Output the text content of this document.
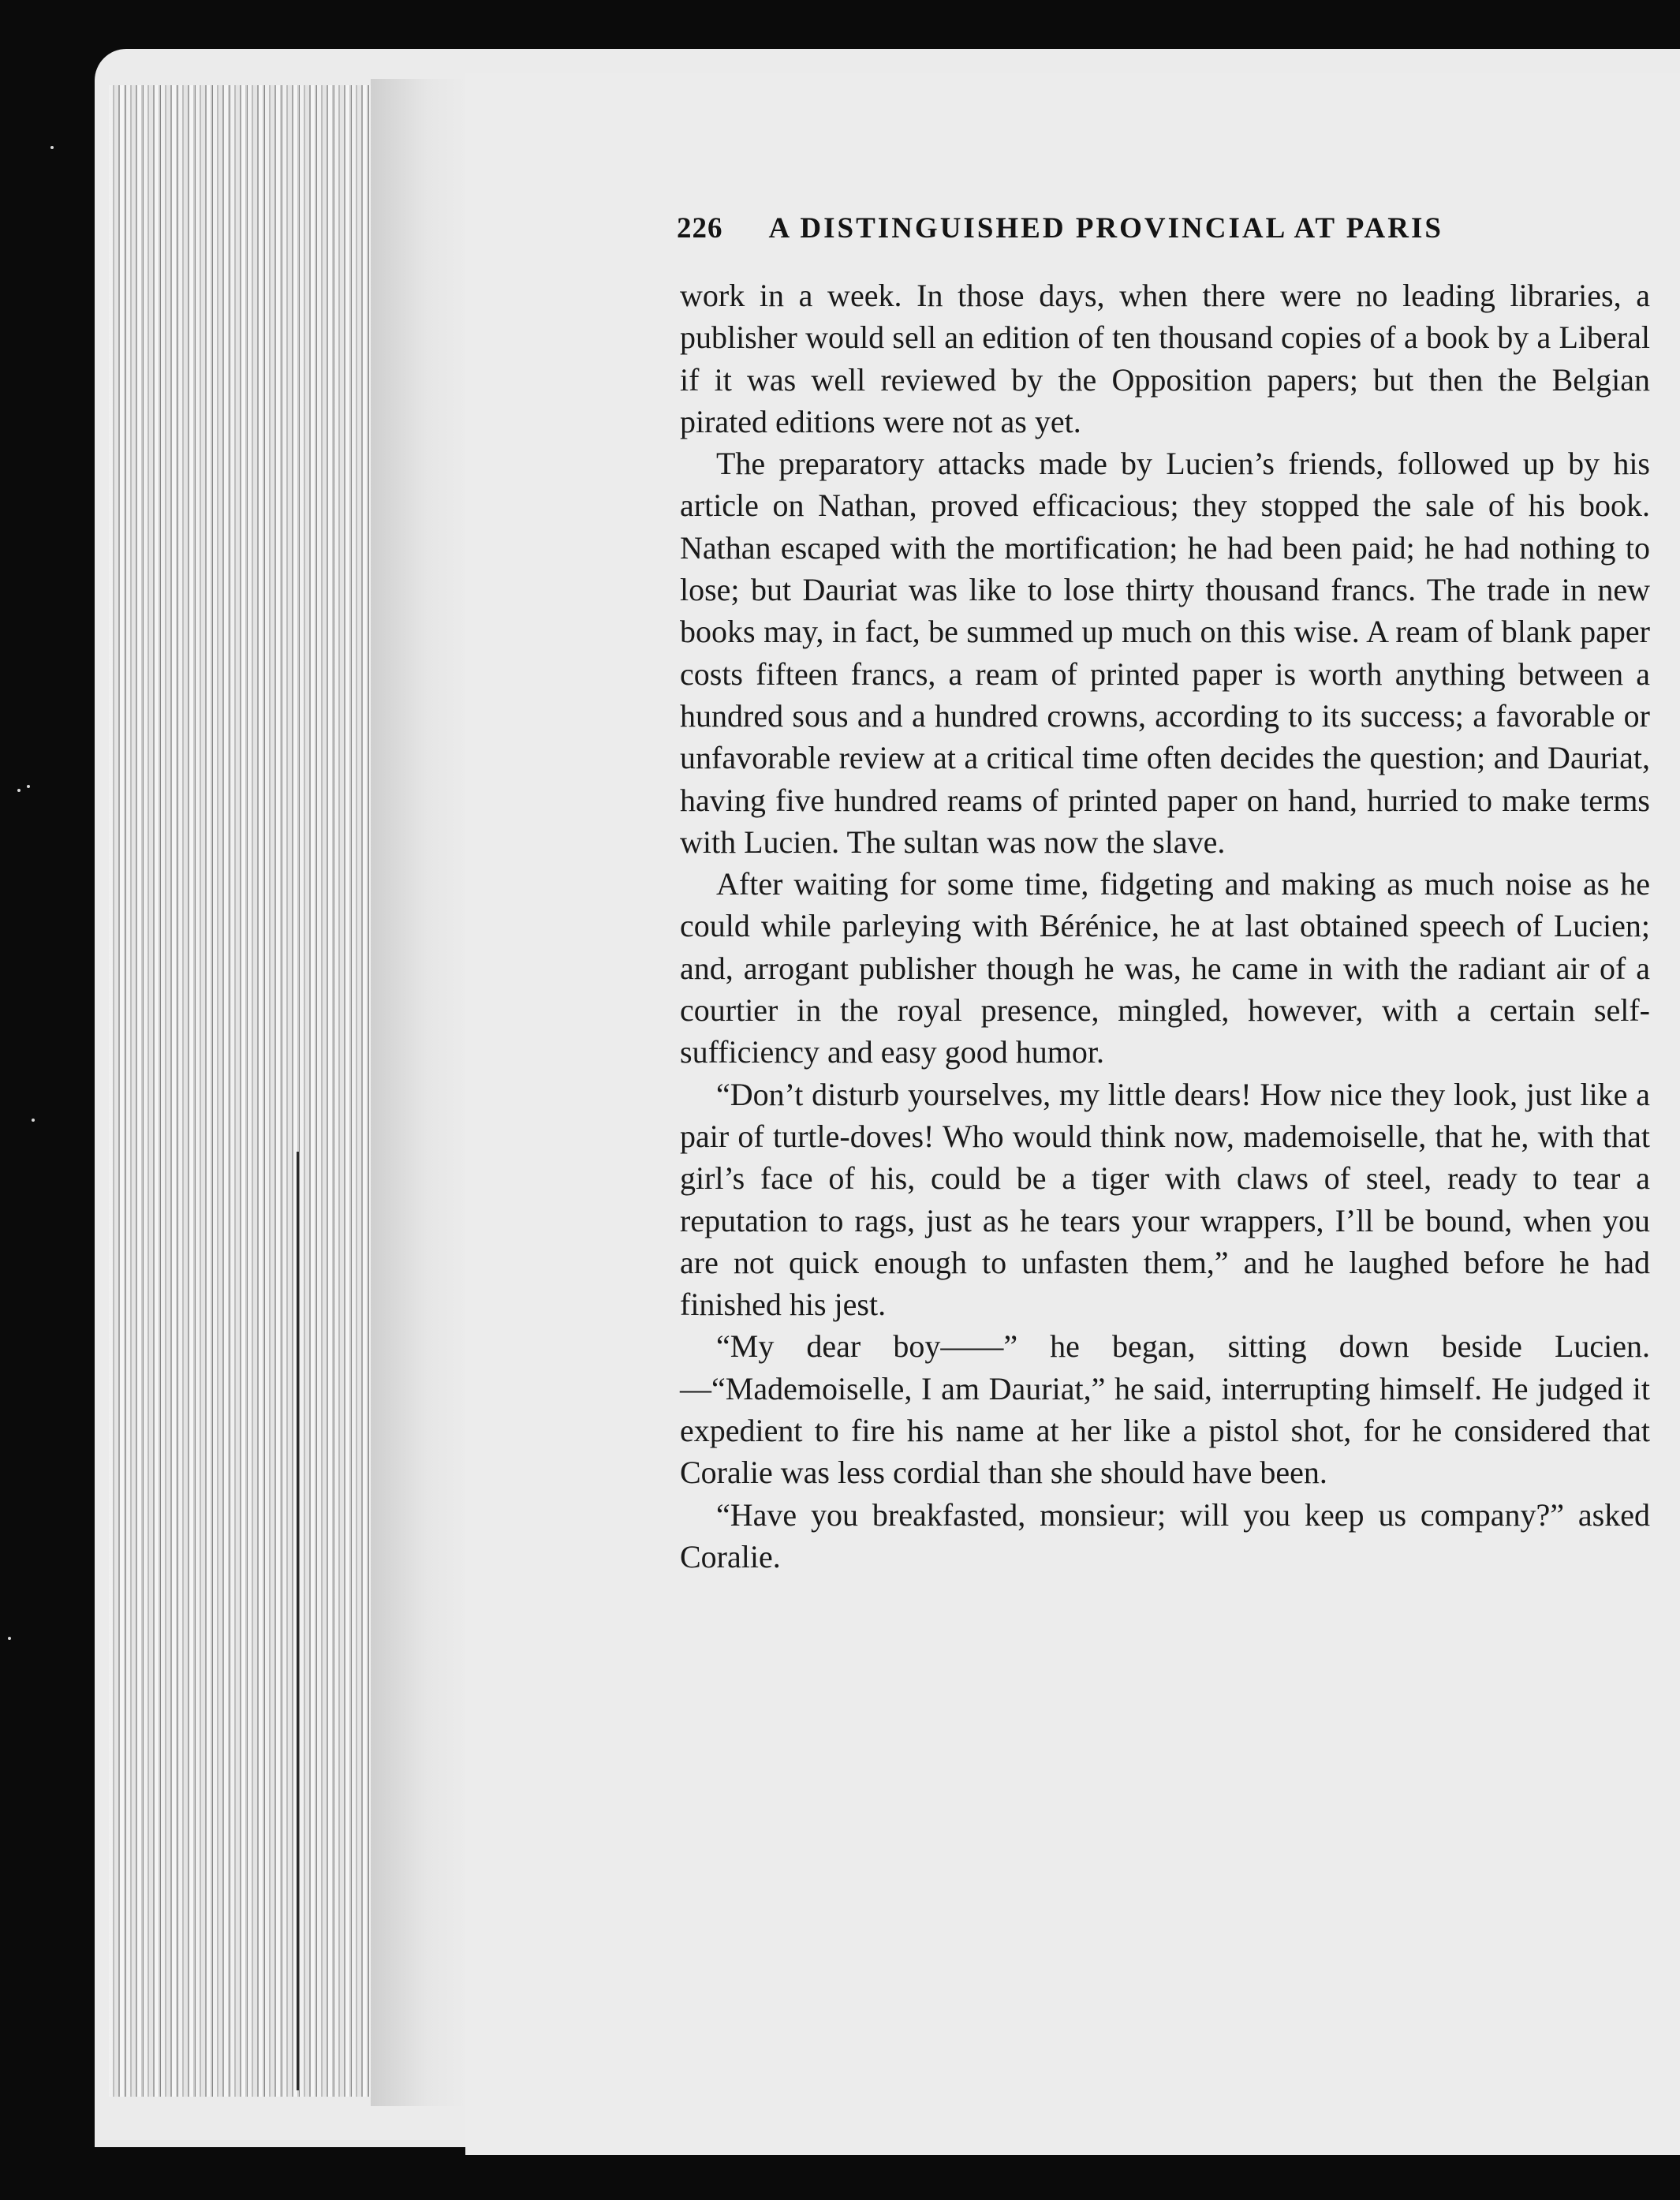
226 A DISTINGUISHED PROVINCIAL AT PARIS

work in a week. In those days, when there were no leading libraries, a publisher would sell an edition of ten thousand copies of a book by a Liberal if it was well reviewed by the Opposition papers; but then the Belgian pirated editions were not as yet.

The preparatory attacks made by Lucien’s friends, followed up by his article on Nathan, proved efficacious; they stopped the sale of his book. Nathan escaped with the mortification; he had been paid; he had nothing to lose; but Dauriat was like to lose thirty thousand francs. The trade in new books may, in fact, be summed up much on this wise. A ream of blank paper costs fifteen francs, a ream of printed paper is worth anything between a hundred sous and a hundred crowns, according to its success; a favorable or unfavorable review at a critical time often decides the question; and Dauriat, having five hundred reams of printed paper on hand, hurried to make terms with Lucien. The sultan was now the slave.

After waiting for some time, fidgeting and making as much noise as he could while parleying with Bérénice, he at last obtained speech of Lucien; and, arrogant publisher though he was, he came in with the radiant air of a courtier in the royal presence, mingled, however, with a certain self-sufficiency and easy good humor.

“Don’t disturb yourselves, my little dears! How nice they look, just like a pair of turtle-doves! Who would think now, mademoiselle, that he, with that girl’s face of his, could be a tiger with claws of steel, ready to tear a reputation to rags, just as he tears your wrappers, I’ll be bound, when you are not quick enough to unfasten them,” and he laughed before he had finished his jest.

“My dear boy——” he began, sitting down beside Lucien. —“Mademoiselle, I am Dauriat,” he said, interrupting himself. He judged it expedient to fire his name at her like a pistol shot, for he considered that Coralie was less cordial than she should have been.

“Have you breakfasted, monsieur; will you keep us company?” asked Coralie.
